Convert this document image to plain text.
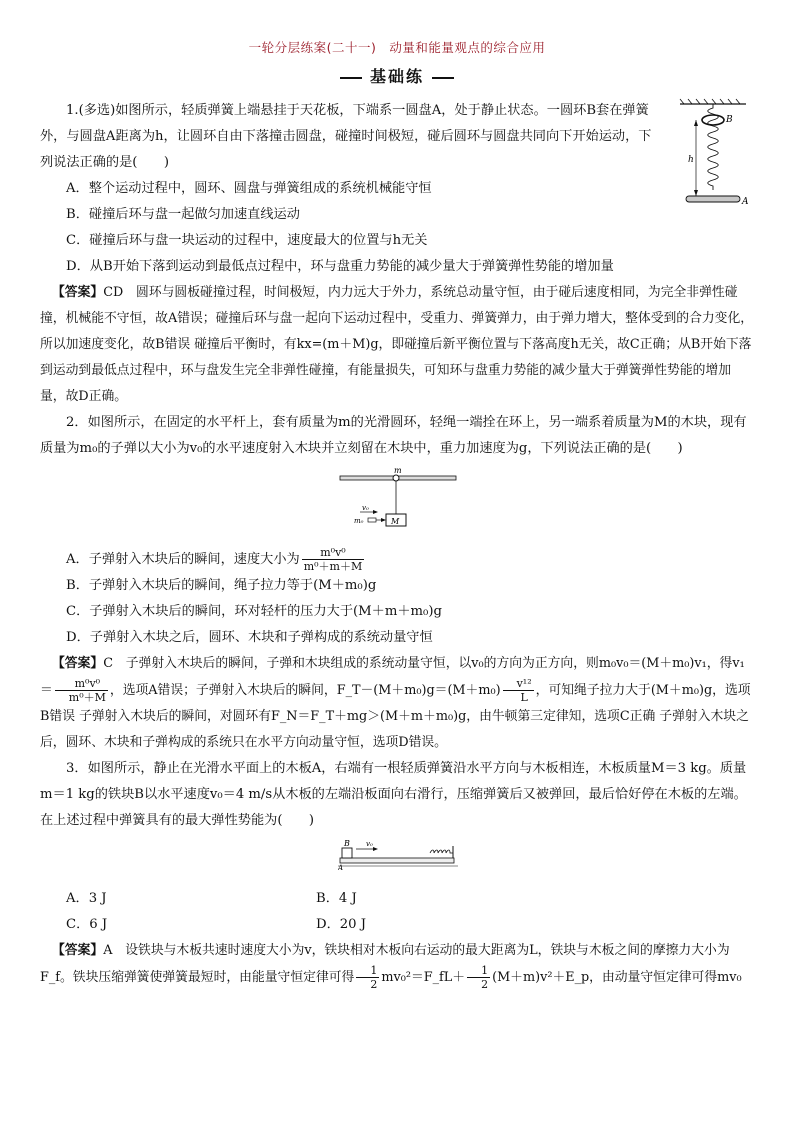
一轮分层练案(二十一)　动量和能量观点的综合应用
基础练
B
h
A

1.(多选)如图所示，轻质弹簧上端悬挂于天花板，下端系一圆盘A，处于静止状态。一圆环B套在弹簧外，与圆盘A距离为h，让圆环自由下落撞击圆盘，碰撞时间极短，碰后圆环与圆盘共同向下开始运动，下列说法正确的是(　　)

A．整个运动过程中，圆环、圆盘与弹簧组成的系统机械能守恒

B．碰撞后环与盘一起做匀加速直线运动

C．碰撞后环与盘一块运动的过程中，速度最大的位置与h无关

D．从B开始下落到运动到最低点过程中，环与盘重力势能的减少量大于弹簧弹性势能的增加量

【答案】CD　圆环与圆板碰撞过程，时间极短，内力远大于外力，系统总动量守恒，由于碰后速度相同，为完全非弹性碰撞，机械能不守恒，故A错误；碰撞后环与盘一起向下运动过程中，受重力、弹簧弹力，由于弹力增大，整体受到的合力变化，所以加速度变化，故B错误 碰撞后平衡时，有kx=(m＋M)g，即碰撞后新平衡位置与下落高度h无关，故C正确；从B开始下落到运动到最低点过程中，环与盘发生完全非弹性碰撞，有能量损失，可知环与盘重力势能的减少量大于弹簧弹性势能的增加量，故D正确。

2．如图所示，在固定的水平杆上，套有质量为m的光滑圆环，轻绳一端拴在环上，另一端系着质量为M的木块，现有质量为m₀的子弹以大小为v₀的水平速度射入木块并立刻留在木块中，重力加速度为g，下列说法正确的是(　　)

m
M
v₀
m₀

A．子弹射入木块后的瞬间，速度大小为 $\frac{\text{m⁰v⁰}}{\text{m⁰＋m＋M}}$

B．子弹射入木块后的瞬间，绳子拉力等于(M＋m₀)g

C．子弹射入木块后的瞬间，环对轻杆的压力大于(M＋m＋m₀)g

D．子弹射入木块之后，圆环、木块和子弹构成的系统动量守恒

【答案】C　子弹射入木块后的瞬间，子弹和木块组成的系统动量守恒，以v₀的方向为正方向，则m₀v₀＝(M＋m₀)v₁，得$v_1= \frac{\text{m⁰v⁰}}{\text{m⁰＋M}}$ ，选项A错误；子弹射入木块后的瞬间，F_T－(M＋m₀)g＝(M＋m₀) $\frac{\text{v¹²}}{L}$ ，可知绳子拉力大于(M＋m₀)g，选项B错误 子弹射入木块后的瞬间，对圆环有F_N＝F_T＋mg＞(M＋m＋m₀)g，由牛顿第三定律知，选项C正确 子弹射入木块之后，圆环、木块和子弹构成的系统只在水平方向动量守恒，选项D错误。

3．如图所示，静止在光滑水平面上的木板A，右端有一根轻质弹簧沿水平方向与木板相连，木板质量M＝3 kg。质量m＝1 kg的铁块B以水平速度v₀＝4 m/s从木板的左端沿板面向右滑行，压缩弹簧后又被弹回，最后恰好停在木板的左端。在上述过程中弹簧具有的最大弹性势能为(　　)

A
B v₀
A．3 J	B．4 J
C．6 J	D．20 J

【答案】A　设铁块与木板共速时速度大小为v，铁块相对木板向右运动的最大距离为L，铁块与木板之间的摩擦力大小为F_f。铁块压缩弹簧使弹簧最短时，由能量守恒定律可得 $\frac{1}{2}$ mv₀²＝F_fL＋ $\frac{1}{2}$ (M＋m)v²＋E_p，由动量守恒定律可得mv₀
